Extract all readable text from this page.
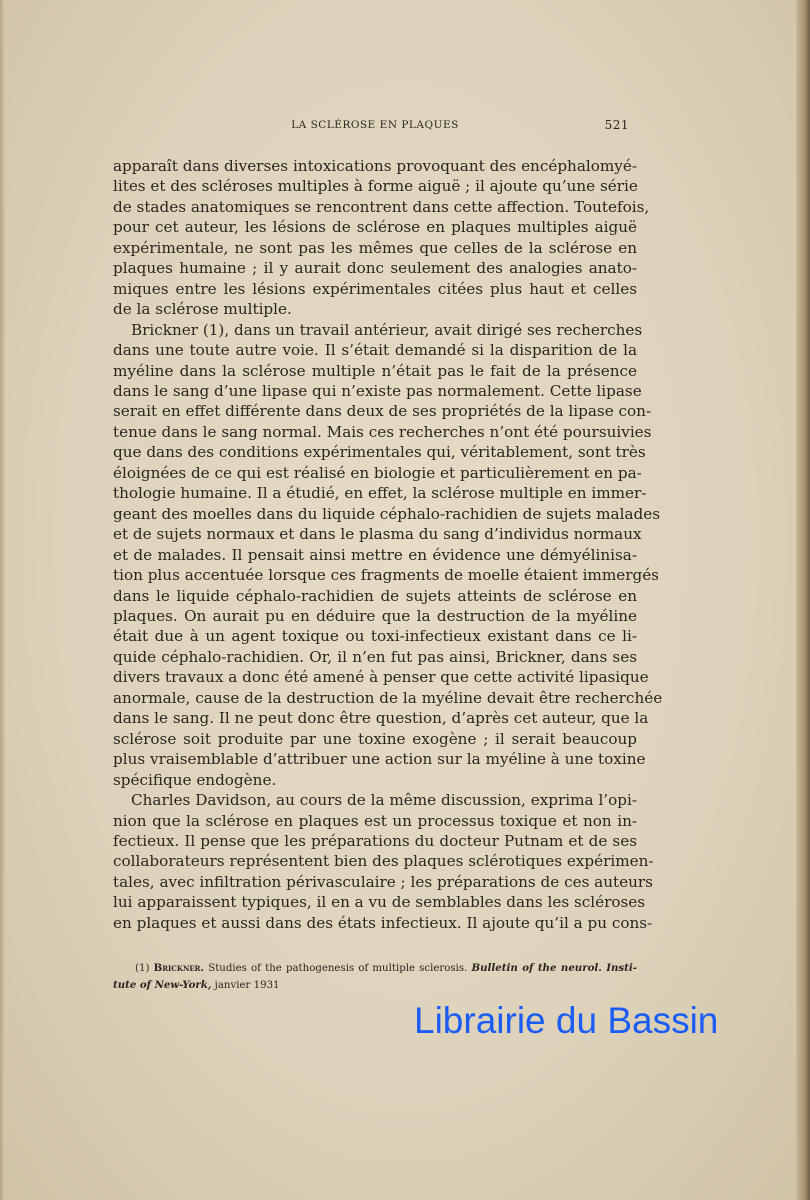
LA SCLÉROSE EN PLAQUES	521
apparaît dans diverses intoxications provoquant des encéphalomyé-
lites et des scléroses multiples à forme aiguë ; il ajoute qu’une série
de stades anatomiques se rencontrent dans cette affection. Toutefois,
pour cet auteur, les lésions de sclérose en plaques multiples aiguë
expérimentale, ne sont pas les mêmes que celles de la sclérose en
plaques humaine ; il y aurait donc seulement des analogies anato-
miques entre les lésions expérimentales citées plus haut et celles
de la sclérose multiple.
Brickner (1), dans un travail antérieur, avait dirigé ses recherches
dans une toute autre voie. Il s’était demandé si la disparition de la
myéline dans la sclérose multiple n’était pas le fait de la présence
dans le sang d’une lipase qui n’existe pas normalement. Cette lipase
serait en effet différente dans deux de ses propriétés de la lipase con-
tenue dans le sang normal. Mais ces recherches n’ont été poursuivies
que dans des conditions expérimentales qui, véritablement, sont très
éloignées de ce qui est réalisé en biologie et particulièrement en pa-
thologie humaine. Il a étudié, en effet, la sclérose multiple en immer-
geant des moelles dans du liquide céphalo-rachidien de sujets malades
et de sujets normaux et dans le plasma du sang d’individus normaux
et de malades. Il pensait ainsi mettre en évidence une démyélinisa-
tion plus accentuée lorsque ces fragments de moelle étaient immergés
dans le liquide céphalo-rachidien de sujets atteints de sclérose en
plaques. On aurait pu en déduire que la destruction de la myéline
était due à un agent toxique ou toxi-infectieux existant dans ce li-
quide céphalo-rachidien. Or, il n’en fut pas ainsi, Brickner, dans ses
divers travaux a donc été amené à penser que cette activité lipasique
anormale, cause de la destruction de la myéline devait être recherchée
dans le sang. Il ne peut donc être question, d’après cet auteur, que la
sclérose soit produite par une toxine exogène ; il serait beaucoup
plus vraisemblable d’attribuer une action sur la myéline à une toxine
spécifique endogène.
Charles Davidson, au cours de la même discussion, exprima l’opi-
nion que la sclérose en plaques est un processus toxique et non in-
fectieux. Il pense que les préparations du docteur Putnam et de ses
collaborateurs représentent bien des plaques sclérotiques expérimen-
tales, avec infiltration périvasculaire ; les préparations de ces auteurs
lui apparaissent typiques, il en a vu de semblables dans les scléroses
en plaques et aussi dans des états infectieux. Il ajoute qu’il a pu cons-
(1) Brickner. Studies of the pathogenesis of multiple sclerosis. Bulletin of the neurol. Insti-
tute of New-York, janvier 1931
Librairie du Bassin
